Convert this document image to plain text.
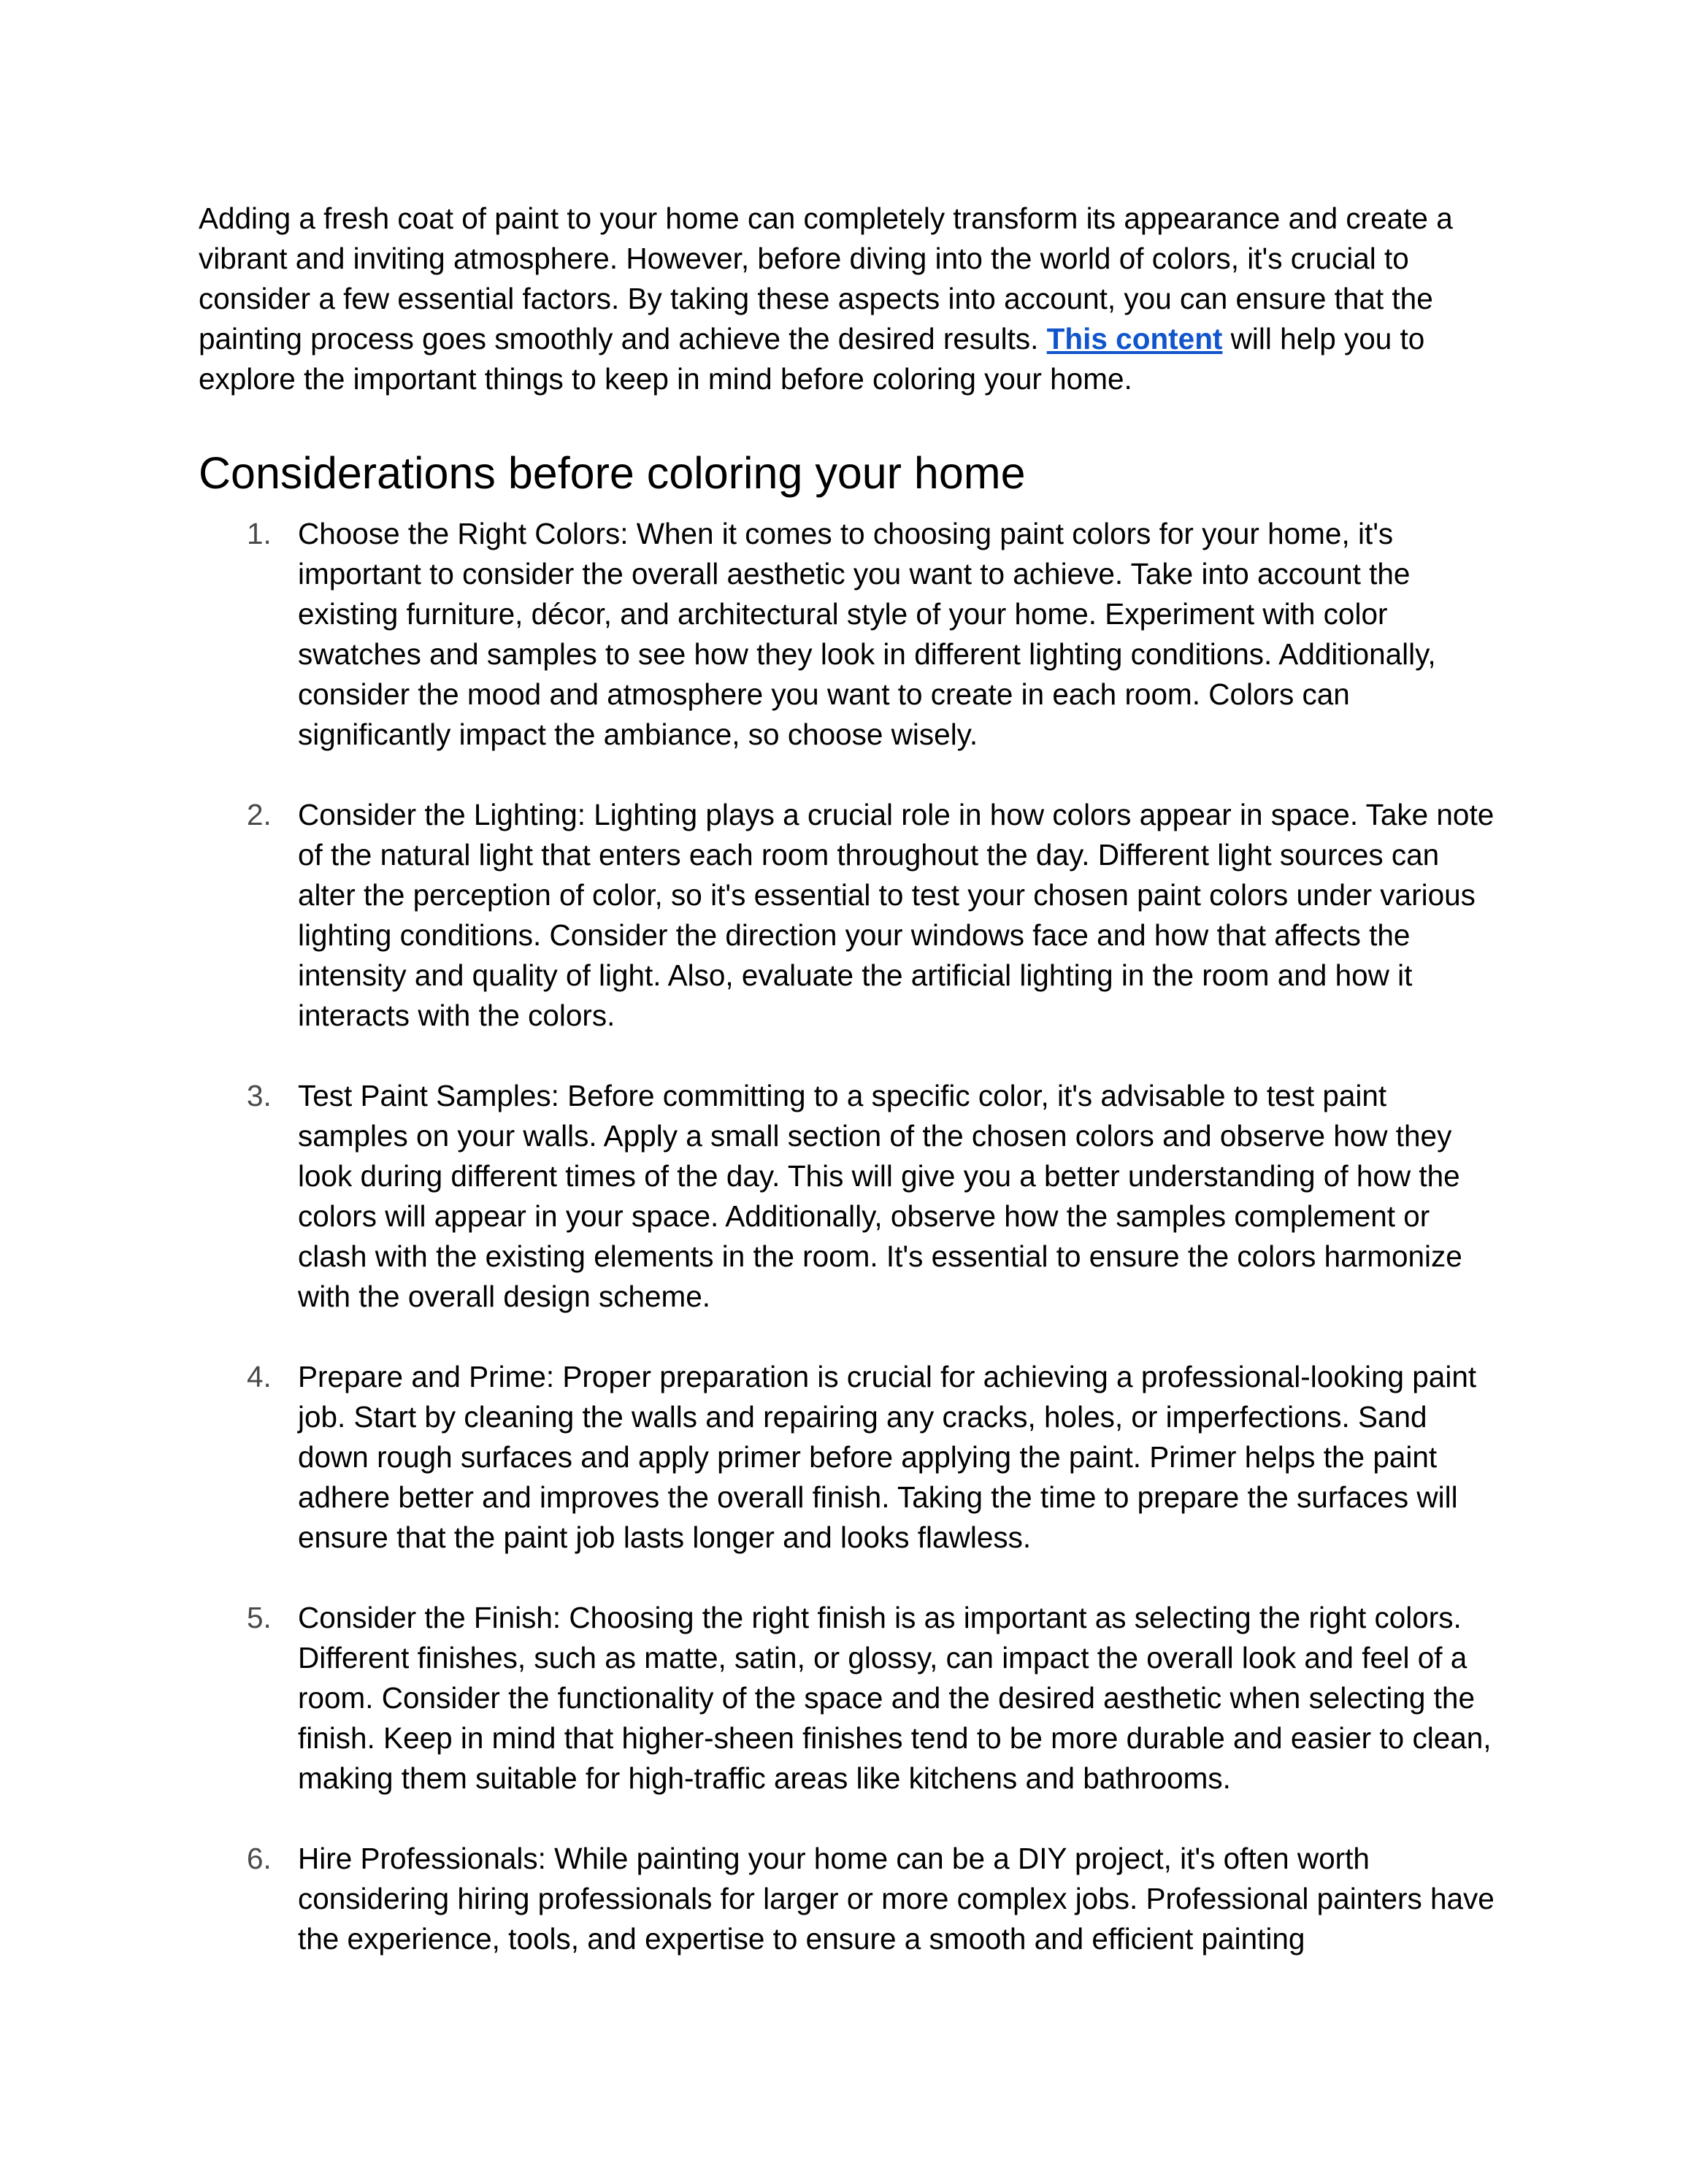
Adding a fresh coat of paint to your home can completely transform its appearance and create a vibrant and inviting atmosphere. However, before diving into the world of colors, it's crucial to consider a few essential factors. By taking these aspects into account, you can ensure that the painting process goes smoothly and achieve the desired results. This content will help you to explore the important things to keep in mind before coloring your home.

Considerations before coloring your home
1. Choose the Right Colors: When it comes to choosing paint colors for your home, it's important to consider the overall aesthetic you want to achieve. Take into account the existing furniture, décor, and architectural style of your home. Experiment with color swatches and samples to see how they look in different lighting conditions. Additionally, consider the mood and atmosphere you want to create in each room. Colors can significantly impact the ambiance, so choose wisely.
2. Consider the Lighting: Lighting plays a crucial role in how colors appear in space. Take note of the natural light that enters each room throughout the day. Different light sources can alter the perception of color, so it's essential to test your chosen paint colors under various lighting conditions. Consider the direction your windows face and how that affects the intensity and quality of light. Also, evaluate the artificial lighting in the room and how it interacts with the colors.
3. Test Paint Samples: Before committing to a specific color, it's advisable to test paint samples on your walls. Apply a small section of the chosen colors and observe how they look during different times of the day. This will give you a better understanding of how the colors will appear in your space. Additionally, observe how the samples complement or clash with the existing elements in the room. It's essential to ensure the colors harmonize with the overall design scheme.
4. Prepare and Prime: Proper preparation is crucial for achieving a professional-looking paint job. Start by cleaning the walls and repairing any cracks, holes, or imperfections. Sand down rough surfaces and apply primer before applying the paint. Primer helps the paint adhere better and improves the overall finish. Taking the time to prepare the surfaces will ensure that the paint job lasts longer and looks flawless.
5. Consider the Finish: Choosing the right finish is as important as selecting the right colors. Different finishes, such as matte, satin, or glossy, can impact the overall look and feel of a room. Consider the functionality of the space and the desired aesthetic when selecting the finish. Keep in mind that higher-sheen finishes tend to be more durable and easier to clean, making them suitable for high-traffic areas like kitchens and bathrooms.
6. Hire Professionals: While painting your home can be a DIY project, it's often worth considering hiring professionals for larger or more complex jobs. Professional painters have the experience, tools, and expertise to ensure a smooth and efficient painting
